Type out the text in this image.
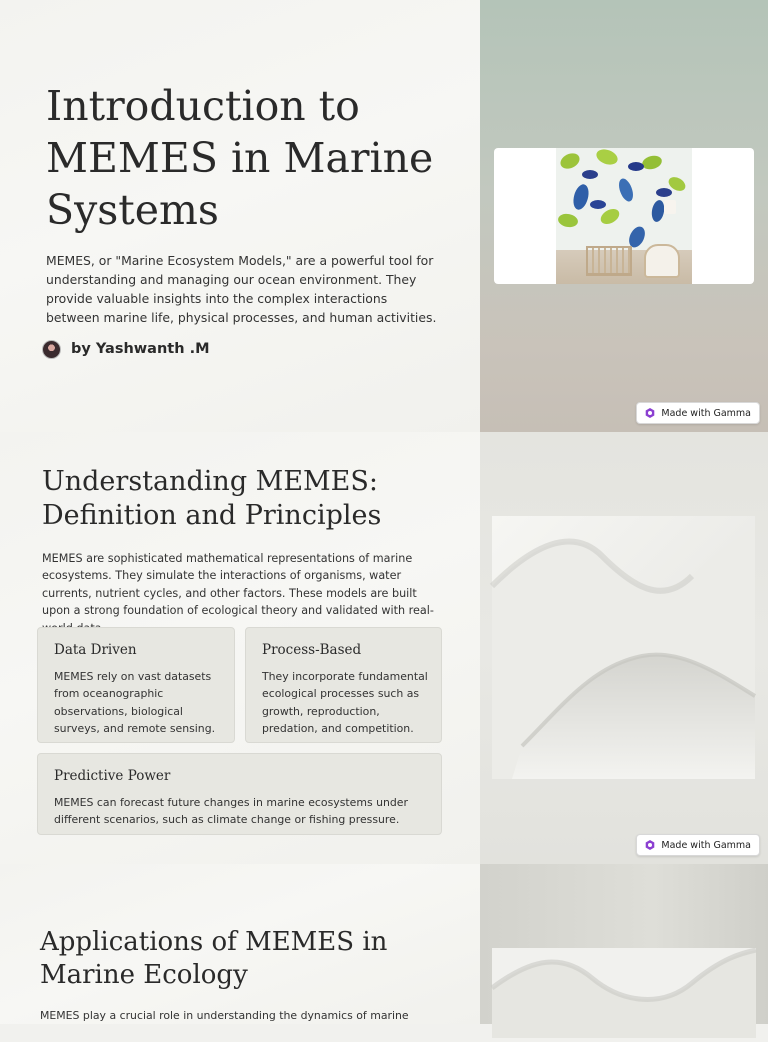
Introduction to MEMES in Marine Systems

MEMES, or "Marine Ecosystem Models," are a powerful tool for understanding and managing our ocean environment. They provide valuable insights into the complex interactions between marine life, physical processes, and human activities.

by Yashwanth .M
Made with Gamma
Understanding MEMES: Definition and Principles

MEMES are sophisticated mathematical representations of marine ecosystems. They simulate the interactions of organisms, water currents, nutrient cycles, and other factors. These models are built upon a strong foundation of ecological theory and validated with real-

Data Driven

MEMES rely on vast datasets from oceanographic observations, biological surveys, and remote sensing.

Process-Based

They incorporate fundamental ecological processes such as growth, reproduction, predation, and competition.

Predictive Power

MEMES can forecast future changes in marine ecosystems under different scenarios, such as climate change or fishing pressure.

Made with Gamma
Applications of MEMES in Marine Ecology

MEMES play a crucial role in understanding the dynamics of marine
